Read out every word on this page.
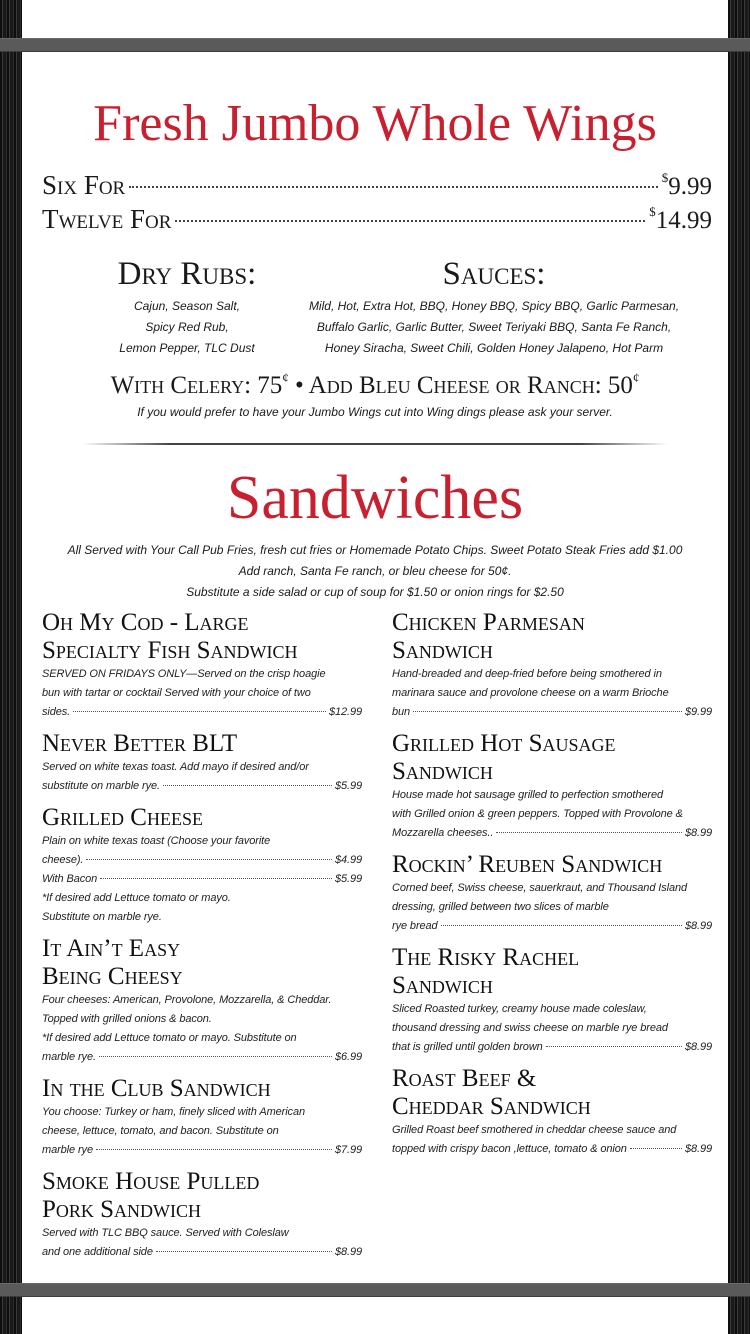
Fresh Jumbo Whole Wings
Six For	$9.99
Twelve For	$14.99
Dry Rubs:	Sauces:
Cajun, Season Salt,
Spicy Red Rub,
Lemon Pepper, TLC Dust
Mild, Hot, Extra Hot, BBQ, Honey BBQ, Spicy BBQ, Garlic Parmesan,
Buffalo Garlic, Garlic Butter, Sweet Teriyaki BBQ, Santa Fe Ranch,
Honey Siracha, Sweet Chili, Golden Honey Jalapeno, Hot Parm
With Celery: 75¢ • Add Bleu Cheese or Ranch: 50¢
If you would prefer to have your Jumbo Wings cut into Wing dings please ask your server.
Sandwiches
All Served with Your Call Pub Fries, fresh cut fries or Homemade Potato Chips. Sweet Potato Steak Fries add $1.00
Add ranch, Santa Fe ranch, or bleu cheese for 50¢.
Substitute a side salad or cup of soup for $1.50 or onion rings for $2.50
Oh My Cod - Large
Specialty Fish Sandwich
SERVED ON FRIDAYS ONLY—Served on the crisp hoagie
bun with tartar or cocktail Served with your choice of two
sides.	$12.99
Never Better BLT
Served on white texas toast. Add mayo if desired and/or
substitute on marble rye.	$5.99
Grilled Cheese
Plain on white texas toast (Choose your favorite
cheese).	$4.99
With Bacon	$5.99
*If desired add Lettuce tomato or mayo.
Substitute on marble rye.
It Ain’t Easy
Being Cheesy
Four cheeses: American, Provolone, Mozzarella, & Cheddar.
Topped with grilled onions & bacon.
*If desired add Lettuce tomato or mayo. Substitute on
marble rye.	$6.99
In the Club Sandwich
You choose: Turkey or ham, finely sliced with American
cheese, lettuce, tomato, and bacon. Substitute on
marble rye	$7.99
Smoke House Pulled
Pork Sandwich
Served with TLC BBQ sauce. Served with Coleslaw
and one additional side	$8.99
Chicken Parmesan
Sandwich
Hand-breaded and deep-fried before being smothered in
marinara sauce and provolone cheese on a warm Brioche
bun	$9.99
Grilled Hot Sausage
Sandwich
House made hot sausage grilled to perfection smothered
with Grilled onion & green peppers. Topped with Provolone &
Mozzarella cheeses..	$8.99
Rockin’ Reuben Sandwich
Corned beef, Swiss cheese, sauerkraut, and Thousand Island
dressing, grilled between two slices of marble
rye bread	$8.99
The Risky Rachel
Sandwich
Sliced Roasted turkey, creamy house made coleslaw,
thousand dressing and swiss cheese on marble rye bread
that is grilled until golden brown	$8.99
Roast Beef &
Cheddar Sandwich
Grilled Roast beef smothered in cheddar cheese sauce and
topped with crispy bacon ,lettuce, tomato & onion	$8.99
